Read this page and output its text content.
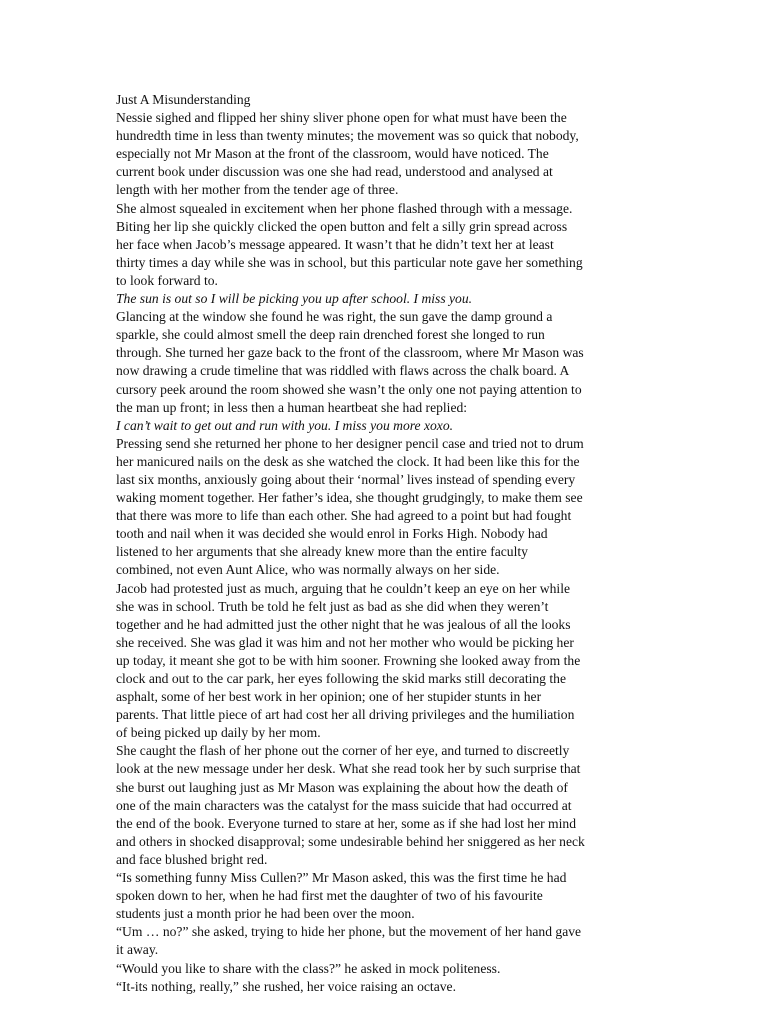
Just A Misunderstanding

Nessie sighed and flipped her shiny sliver phone open for what must have been the

hundredth time in less than twenty minutes; the movement was so quick that nobody,

especially not Mr Mason at the front of the classroom, would have noticed. The

current book under discussion was one she had read, understood and analysed at

length with her mother from the tender age of three.

She almost squealed in excitement when her phone flashed through with a message.

Biting her lip she quickly clicked the open button and felt a silly grin spread across

her face when Jacob’s message appeared. It wasn’t that he didn’t text her at least

thirty times a day while she was in school, but this particular note gave her something

to look forward to.

The sun is out so I will be picking you up after school. I miss you.

Glancing at the window she found he was right, the sun gave the damp ground a

sparkle, she could almost smell the deep rain drenched forest she longed to run

through. She turned her gaze back to the front of the classroom, where Mr Mason was

now drawing a crude timeline that was riddled with flaws across the chalk board. A

cursory peek around the room showed she wasn’t the only one not paying attention to

the man up front; in less then a human heartbeat she had replied:

I can’t wait to get out and run with you. I miss you more xoxo.

Pressing send she returned her phone to her designer pencil case and tried not to drum

her manicured nails on the desk as she watched the clock. It had been like this for the

last six months, anxiously going about their ‘normal’ lives instead of spending every

waking moment together. Her father’s idea, she thought grudgingly, to make them see

that there was more to life than each other. She had agreed to a point but had fought

tooth and nail when it was decided she would enrol in Forks High. Nobody had

listened to her arguments that she already knew more than the entire faculty

combined, not even Aunt Alice, who was normally always on her side.

Jacob had protested just as much, arguing that he couldn’t keep an eye on her while

she was in school. Truth be told he felt just as bad as she did when they weren’t

together and he had admitted just the other night that he was jealous of all the looks

she received. She was glad it was him and not her mother who would be picking her

up today, it meant she got to be with him sooner. Frowning she looked away from the

clock and out to the car park, her eyes following the skid marks still decorating the

asphalt, some of her best work in her opinion; one of her stupider stunts in her

parents. That little piece of art had cost her all driving privileges and the humiliation

of being picked up daily by her mom.

She caught the flash of her phone out the corner of her eye, and turned to discreetly

look at the new message under her desk. What she read took her by such surprise that

she burst out laughing just as Mr Mason was explaining the about how the death of

one of the main characters was the catalyst for the mass suicide that had occurred at

the end of the book. Everyone turned to stare at her, some as if she had lost her mind

and others in shocked disapproval; some undesirable behind her sniggered as her neck

and face blushed bright red.

“Is something funny Miss Cullen?” Mr Mason asked, this was the first time he had

spoken down to her, when he had first met the daughter of two of his favourite

students just a month prior he had been over the moon.

“Um … no?” she asked, trying to hide her phone, but the movement of her hand gave

it away.

“Would you like to share with the class?” he asked in mock politeness.

“It-its nothing, really,” she rushed, her voice raising an octave.
